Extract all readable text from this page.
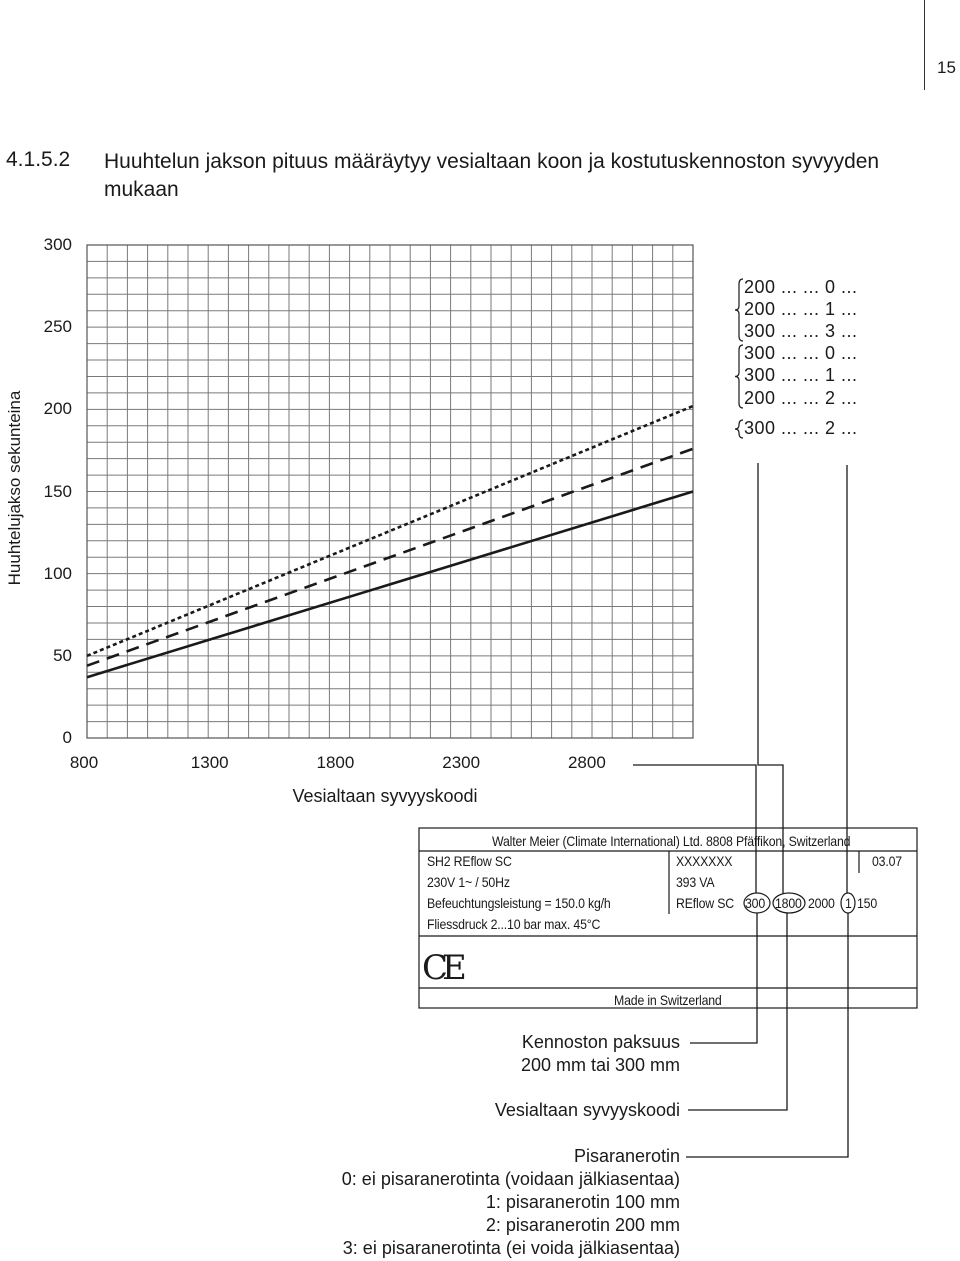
15
4.1.5.2 Huuhtelun jakson pituus määräytyy vesialtaan koon ja kostutuskennoston syvyyden mukaan
Huuhtelujakso sekunteina
300
250
200
150
100
50
0
800	1300	1800	2300	2800
Vesialtaan syvyyskoodi
200 ... ... 0 ...
200 ... ... 1 ...
300 ... ... 3 ...
300 ... ... 0 ...
300 ... ... 1 ...
200 ... ... 2 ...
300 ... ... 2 ...
Walter Meier (Climate International) Ltd. 8808 Pfäffikon, Switzerland
SH2 REflow SC	XXXXXXX	03.07
230V 1~ / 50Hz	393 VA
Befeuchtungsleistung = 150.0 kg/h	REflow SC 300 1800 2000 1 150
Fliessdruck 2...10 bar max. 45°C
CE
Made in Switzerland
Kennoston paksuus
200 mm tai 300 mm
Vesialtaan syvyyskoodi
Pisaranerotin
0: ei pisaranerotinta (voidaan jälkiasentaa)
1: pisaranerotin 100 mm
2: pisaranerotin 200 mm
3: ei pisaranerotinta (ei voida jälkiasentaa)
